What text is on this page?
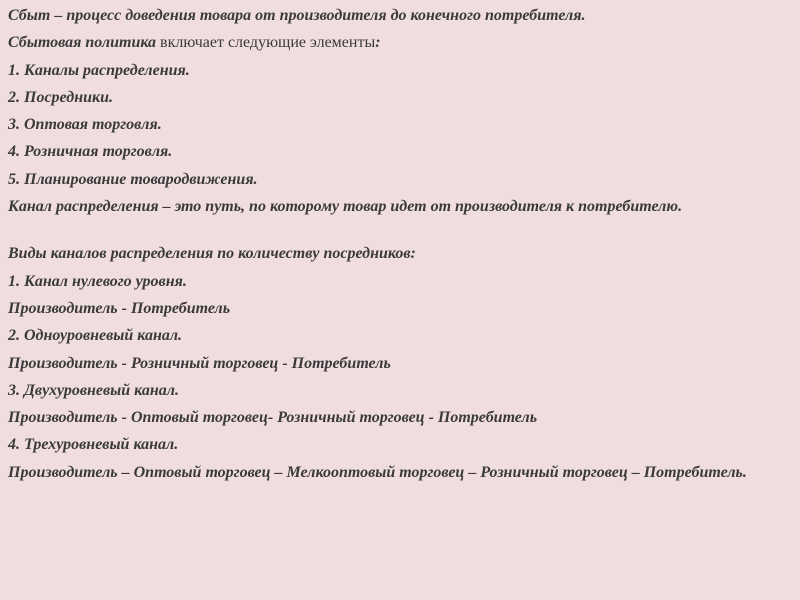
Сбыт – процесс доведения товара от производителя до конечного потребителя.

Сбытовая политика включает следующие элементы:

1. Каналы распределения.

2. Посредники.

3. Оптовая торговля.

4. Розничная торговля.

5. Планирование товародвижения.

Канал распределения – это путь, по которому товар идет от производителя к потребителю.

Виды каналов распределения по количеству посредников:

1. Канал нулевого уровня.

Производитель - Потребитель

2. Одноуровневый канал.

Производитель - Розничный торговец - Потребитель

3. Двухуровневый канал.

Производитель - Оптовый торговец- Розничный торговец - Потребитель

4. Трехуровневый канал.

Производитель – Оптовый торговец – Мелкооптовый торговец – Розничный торговец – Потребитель.
